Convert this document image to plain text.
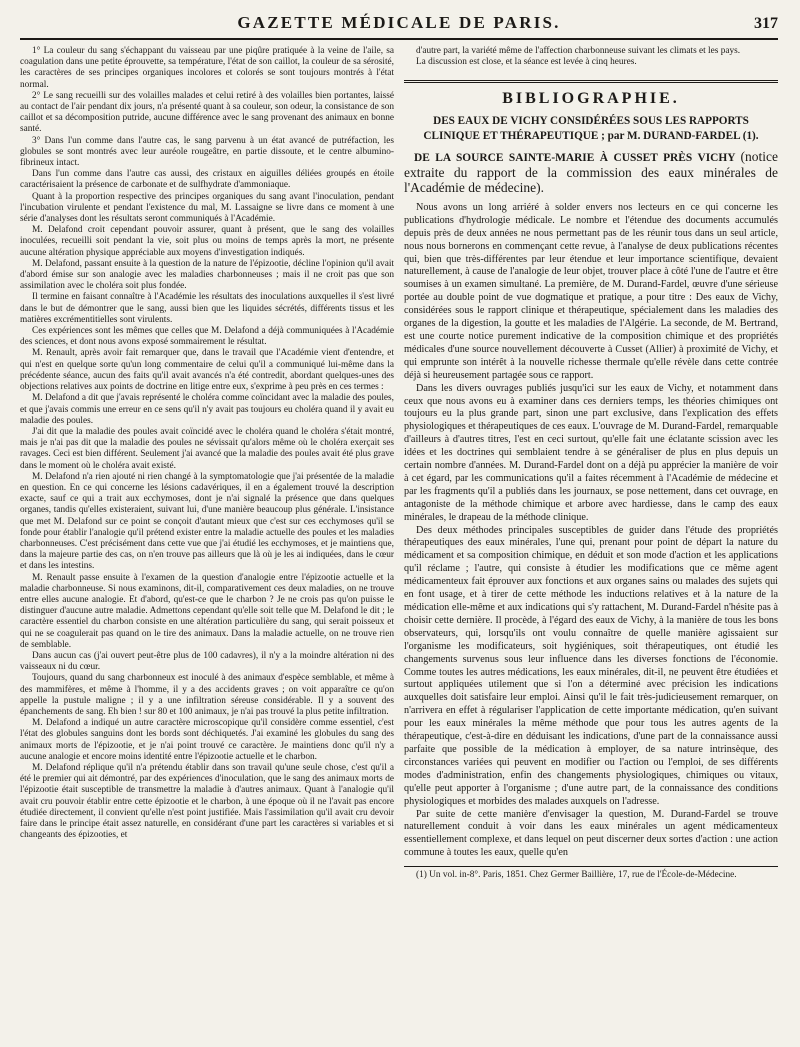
GAZETTE MÉDICALE DE PARIS.	317

1° La couleur du sang s'échappant du vaisseau par une piqûre pratiquée à la veine de l'aile, sa coagulation dans une petite éprouvette, sa température, l'état de son caillot, la couleur de sa sérosité, les caractères de ses principes organiques incolores et colorés se sont toujours montrés à l'état normal.

2° Le sang recueilli sur des volailles malades et celui retiré à des volailles bien portantes, laissé au contact de l'air pendant dix jours, n'a présenté quant à sa couleur, son odeur, la consistance de son caillot et sa décomposition putride, aucune différence avec le sang provenant des animaux en bonne santé.

3° Dans l'un comme dans l'autre cas, le sang parvenu à un état avancé de putréfaction, les globules se sont montrés avec leur auréole rougeâtre, en partie dissoute, et le centre albumino-fibrineux intact.

Dans l'un comme dans l'autre cas aussi, des cristaux en aiguilles déliées groupés en étoile caractérisaient la présence de carbonate et de sulfhydrate d'ammoniaque.

Quant à la proportion respective des principes organiques du sang avant l'inoculation, pendant l'incubation virulente et pendant l'existence du mal, M. Lassaigne se livre dans ce moment à une série d'analyses dont les résultats seront communiqués à l'Académie.

M. Delafond croit cependant pouvoir assurer, quant à présent, que le sang des volailles inoculées, recueilli soit pendant la vie, soit plus ou moins de temps après la mort, ne présente aucune altération physique appréciable aux moyens d'investigation indiqués.

M. Delafond, passant ensuite à la question de la nature de l'épizootie, décline l'opinion qu'il avait d'abord émise sur son analogie avec les maladies charbonneuses ; mais il ne croit pas que son assimilation avec le choléra soit plus fondée.

Il termine en faisant connaître à l'Académie les résultats des inoculations auxquelles il s'est livré dans le but de démontrer que le sang, aussi bien que les liquides sécrétés, différents tissus et les matières excrémentitielles sont virulents.

Ces expériences sont les mêmes que celles que M. Delafond a déjà communiquées à l'Académie des sciences, et dont nous avons exposé sommairement le résultat.

M. Renault, après avoir fait remarquer que, dans le travail que l'Académie vient d'entendre, et qui n'est en quelque sorte qu'un long commentaire de celui qu'il a communiqué lui-même dans la précédente séance, aucun des faits qu'il avait avancés n'a été contredit, abordant quelques-unes des objections relatives aux points de doctrine en litige entre eux, s'exprime à peu près en ces termes :

M. Delafond a dit que j'avais représenté le choléra comme coïncidant avec la maladie des poules, et que j'avais commis une erreur en ce sens qu'il n'y avait pas toujours eu choléra quand il y avait eu maladie des poules.

J'ai dit que la maladie des poules avait coïncidé avec le choléra quand le choléra s'était montré, mais je n'ai pas dit que la maladie des poules ne sévissait qu'alors même où le choléra exerçait ses ravages. Ceci est bien différent. Seulement j'ai avancé que la maladie des poules avait été plus grave dans le moment où le choléra avait existé.

M. Delafond n'a rien ajouté ni rien changé à la symptomatologie que j'ai présentée de la maladie en question. En ce qui concerne les lésions cadavériques, il en a également trouvé la description exacte, sauf ce qui a trait aux ecchymoses, dont je n'ai signalé la présence que dans quelques organes, tandis qu'elles existeraient, suivant lui, d'une manière beaucoup plus générale. L'insistance que met M. Delafond sur ce point se conçoit d'autant mieux que c'est sur ces ecchymoses qu'il se fonde pour établir l'analogie qu'il prétend exister entre la maladie actuelle des poules et les maladies charbonneuses. C'est précisément dans cette vue que j'ai étudié les ecchymoses, et je maintiens que, dans la majeure partie des cas, on n'en trouve pas ailleurs que là où je les ai indiquées, dans le cœur et dans les intestins.

M. Renault passe ensuite à l'examen de la question d'analogie entre l'épizootie actuelle et la maladie charbonneuse. Si nous examinons, dit-il, comparativement ces deux maladies, on ne trouve entre elles aucune analogie. Et d'abord, qu'est-ce que le charbon ? Je ne crois pas qu'on puisse le distinguer d'aucune autre maladie. Admettons cependant qu'elle soit telle que M. Delafond le dit ; le caractère essentiel du charbon consiste en une altération particulière du sang, qui serait poisseux et qui ne se coagulerait pas quand on le tire des animaux. Dans la maladie actuelle, on ne trouve rien de semblable.

Dans aucun cas (j'ai ouvert peut-être plus de 100 cadavres), il n'y a la moindre altération ni des vaisseaux ni du cœur.

Toujours, quand du sang charbonneux est inoculé à des animaux d'espèce semblable, et même à des mammifères, et même à l'homme, il y a des accidents graves ; on voit apparaître ce qu'on appelle la pustule maligne ; il y a une infiltration séreuse considérable. Il y a souvent des épanchements de sang. Eh bien ! sur 80 et 100 animaux, je n'ai pas trouvé la plus petite infiltration.

M. Delafond a indiqué un autre caractère microscopique qu'il considère comme essentiel, c'est l'état des globules sanguins dont les bords sont déchiquetés. J'ai examiné les globules du sang des animaux morts de l'épizootie, et je n'ai point trouvé ce caractère. Je maintiens donc qu'il n'y a aucune analogie et encore moins identité entre l'épizootie actuelle et le charbon.

M. Delafond réplique qu'il n'a prétendu établir dans son travail qu'une seule chose, c'est qu'il a été le premier qui ait démontré, par des expériences d'inoculation, que le sang des animaux morts de l'épizootie était susceptible de transmettre la maladie à d'autres animaux. Quant à l'analogie qu'il avait cru pouvoir établir entre cette épizootie et le charbon, à une époque où il ne l'avait pas encore étudiée directement, il convient qu'elle n'est point justifiée. Mais l'assimilation qu'il avait cru devoir faire dans le principe était assez naturelle, en considérant d'une part les caractères si variables et si changeants des épizooties, et

d'autre part, la variété même de l'affection charbonneuse suivant les climats et les pays.

La discussion est close, et la séance est levée à cinq heures.

BIBLIOGRAPHIE.
DES EAUX DE VICHY CONSIDÉRÉES SOUS LES RAPPORTS CLINIQUE ET THÉRAPEUTIQUE ; par M. DURAND-FARDEL (1).
DE LA SOURCE SAINTE-MARIE À CUSSET PRÈS VICHY (notice extraite du rapport de la commission des eaux minérales de l'Académie de médecine).

Nous avons un long arriéré à solder envers nos lecteurs en ce qui concerne les publications d'hydrologie médicale. Le nombre et l'étendue des documents accumulés depuis près de deux années ne nous permettant pas de les réunir tous dans un seul article, nous nous bornerons en commençant cette revue, à l'analyse de deux publications récentes qui, bien que très-différentes par leur étendue et leur importance scientifique, devaient naturellement, à cause de l'analogie de leur objet, trouver place à côté l'une de l'autre et être soumises à un examen simultané. La première, de M. Durand-Fardel, œuvre d'une sérieuse portée au double point de vue dogmatique et pratique, a pour titre : Des eaux de Vichy, considérées sous le rapport clinique et thérapeutique, spécialement dans les maladies des organes de la digestion, la goutte et les maladies de l'Algérie. La seconde, de M. Bertrand, est une courte notice purement indicative de la composition chimique et des propriétés médicales d'une source nouvellement découverte à Cusset (Allier) à proximité de Vichy, et qui emprunte son intérêt à la nouvelle richesse thermale qu'elle révèle dans cette contrée déjà si heureusement partagée sous ce rapport.

Dans les divers ouvrages publiés jusqu'ici sur les eaux de Vichy, et notamment dans ceux que nous avons eu à examiner dans ces derniers temps, les théories chimiques ont toujours eu la plus grande part, sinon une part exclusive, dans l'explication des effets physiologiques et thérapeutiques de ces eaux. L'ouvrage de M. Durand-Fardel, remarquable d'ailleurs à d'autres titres, l'est en ceci surtout, qu'elle fait une éclatante scission avec les idées et les doctrines qui semblaient tendre à se généraliser de plus en plus depuis un certain nombre d'années. M. Durand-Fardel dont on a déjà pu apprécier la manière de voir à cet égard, par les communications qu'il a faites récemment à l'Académie de médecine et par les fragments qu'il a publiés dans les journaux, se pose nettement, dans cet ouvrage, en antagoniste de la méthode chimique et arbore avec hardiesse, dans le camp des eaux minérales, le drapeau de la méthode clinique.

Des deux méthodes principales susceptibles de guider dans l'étude des propriétés thérapeutiques des eaux minérales, l'une qui, prenant pour point de départ la nature du médicament et sa composition chimique, en déduit et son mode d'action et les applications qu'il réclame ; l'autre, qui consiste à étudier les modifications que ce même agent médicamenteux fait éprouver aux fonctions et aux organes sains ou malades des sujets qui en font usage, et à tirer de cette méthode les inductions relatives et à la nature de la médication elle-même et aux indications qui s'y rattachent, M. Durand-Fardel n'hésite pas à choisir cette dernière. Il procède, à l'égard des eaux de Vichy, à la manière de tous les bons observateurs, qui, lorsqu'ils ont voulu connaître de quelle manière agissaient sur l'organisme les modificateurs, soit hygiéniques, soit thérapeutiques, ont étudié les changements survenus sous leur influence dans les diverses fonctions de l'économie. Comme toutes les autres médications, les eaux minérales, dit-il, ne peuvent être étudiées et surtout appliquées utilement que si l'on a déterminé avec précision les indications auxquelles doit satisfaire leur emploi. Ainsi qu'il le fait très-judicieusement remarquer, on n'arrivera en effet à régulariser l'application de cette importante médication, qu'en suivant pour les eaux minérales la même méthode que pour tous les autres agents de la thérapeutique, c'est-à-dire en déduisant les indications, d'une part de la connaissance aussi parfaite que possible de la médication à employer, de sa nature intrinsèque, des circonstances variées qui peuvent en modifier ou l'action ou l'emploi, de ses différents modes d'administration, enfin des changements physiologiques, chimiques ou vitaux, qu'elle peut apporter à l'organisme ; d'une autre part, de la connaissance des conditions physiologiques et morbides des malades auxquels on l'adresse.

Par suite de cette manière d'envisager la question, M. Durand-Fardel se trouve naturellement conduit à voir dans les eaux minérales un agent médicamenteux essentiellement complexe, et dans lequel on peut discerner deux sortes d'action : une action commune à toutes les eaux, quelle qu'en

(1) Un vol. in-8°. Paris, 1851. Chez Germer Baillière, 17, rue de l'École-de-Médecine.
